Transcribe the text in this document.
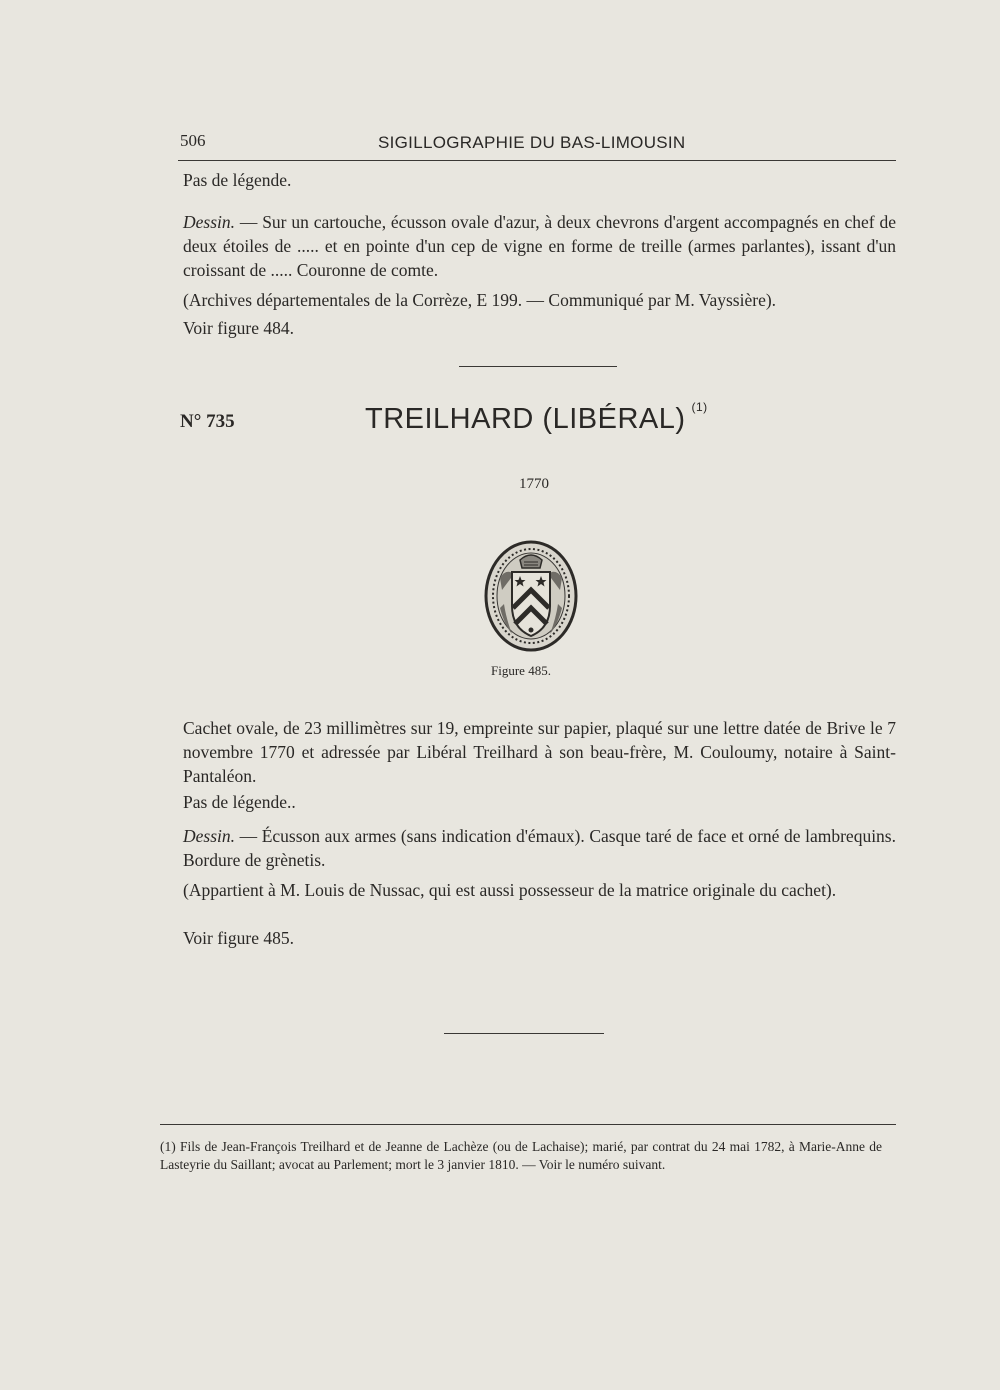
506	SIGILLOGRAPHIE DU BAS-LIMOUSIN

Pas de légende.

Dessin. — Sur un cartouche, écusson ovale d'azur, à deux chevrons d'argent accompagnés en chef de deux étoiles de ..... et en pointe d'un cep de vigne en forme de treille (armes parlantes), issant d'un croissant de ..... Couronne de comte.

(Archives départementales de la Corrèze, E 199. — Communiqué par M. Vayssière).

Voir figure 484.

N° 735	TREILHARD (LIBÉRAL) $^{(1)}$
1770
Figure 485.

Cachet ovale, de 23 millimètres sur 19, empreinte sur papier, plaqué sur une lettre datée de Brive le 7 novembre 1770 et adressée par Libéral Treilhard à son beau-frère, M. Couloumy, notaire à Saint-Pantaléon.

Pas de légende..

Dessin. — Écusson aux armes (sans indication d'émaux). Casque taré de face et orné de lambrequins. Bordure de grènetis.

(Appartient à M. Louis de Nussac, qui est aussi possesseur de la matrice originale du cachet).

Voir figure 485.

(1) Fils de Jean-François Treilhard et de Jeanne de Lachèze (ou de Lachaise); marié, par contrat du 24 mai 1782, à Marie-Anne de Lasteyrie du Saillant; avocat au Parlement; mort le 3 janvier 1810. — Voir le numéro suivant.
